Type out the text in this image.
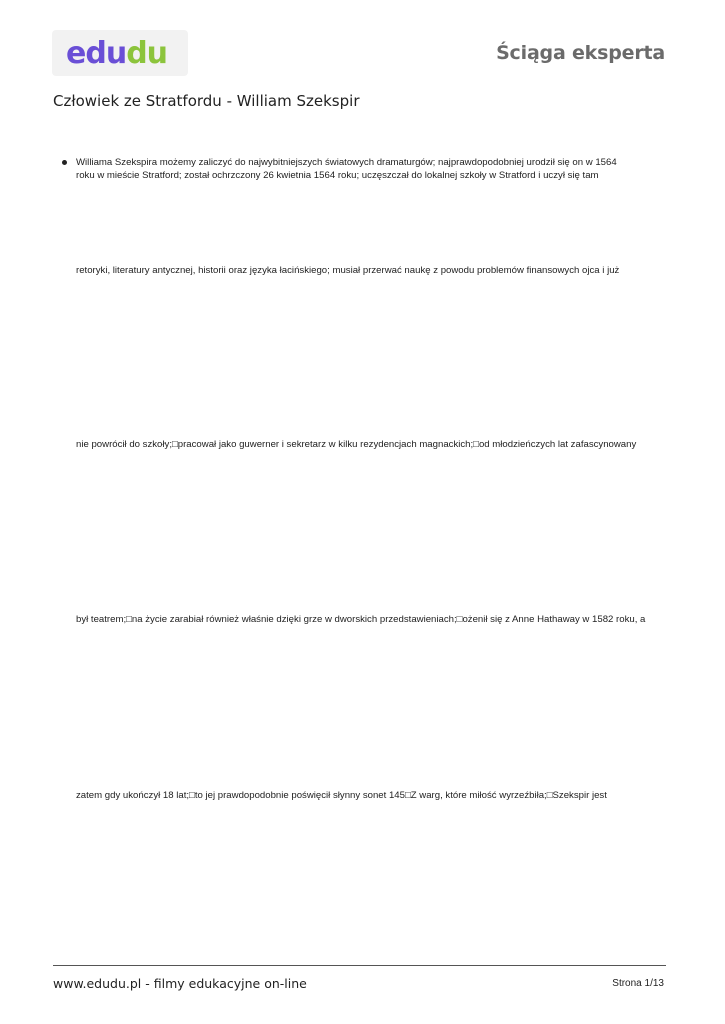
edudu	Ściąga eksperta
Człowiek ze Stratfordu - William Szekspir
Williama Szekspira możemy zaliczyć do najwybitniejszych światowych dramaturgów; najprawdopodobniej urodził się on w 1564
roku w mieście Stratford; został ochrzczony 26 kwietnia 1564 roku; uczęszczał do lokalnej szkoły w Stratford i uczył się tam
retoryki, literatury antycznej, historii oraz języka łacińskiego; musiał przerwać naukę z powodu problemów finansowych ojca i już
nie powrócił do szkoły;□pracował jako guwerner i sekretarz w kilku rezydencjach magnackich;□od młodzieńczych lat zafascynowany
był teatrem;□na życie zarabiał również właśnie dzięki grze w dworskich przedstawieniach;□ożenił się z Anne Hathaway w 1582 roku, a
zatem gdy ukończył 18 lat;□to jej prawdopodobnie poświęcił słynny sonet 145□Z warg, które miłość wyrzeźbiła;□Szekspir jest
www.edudu.pl - filmy edukacyjne on-line	Strona 1/13
